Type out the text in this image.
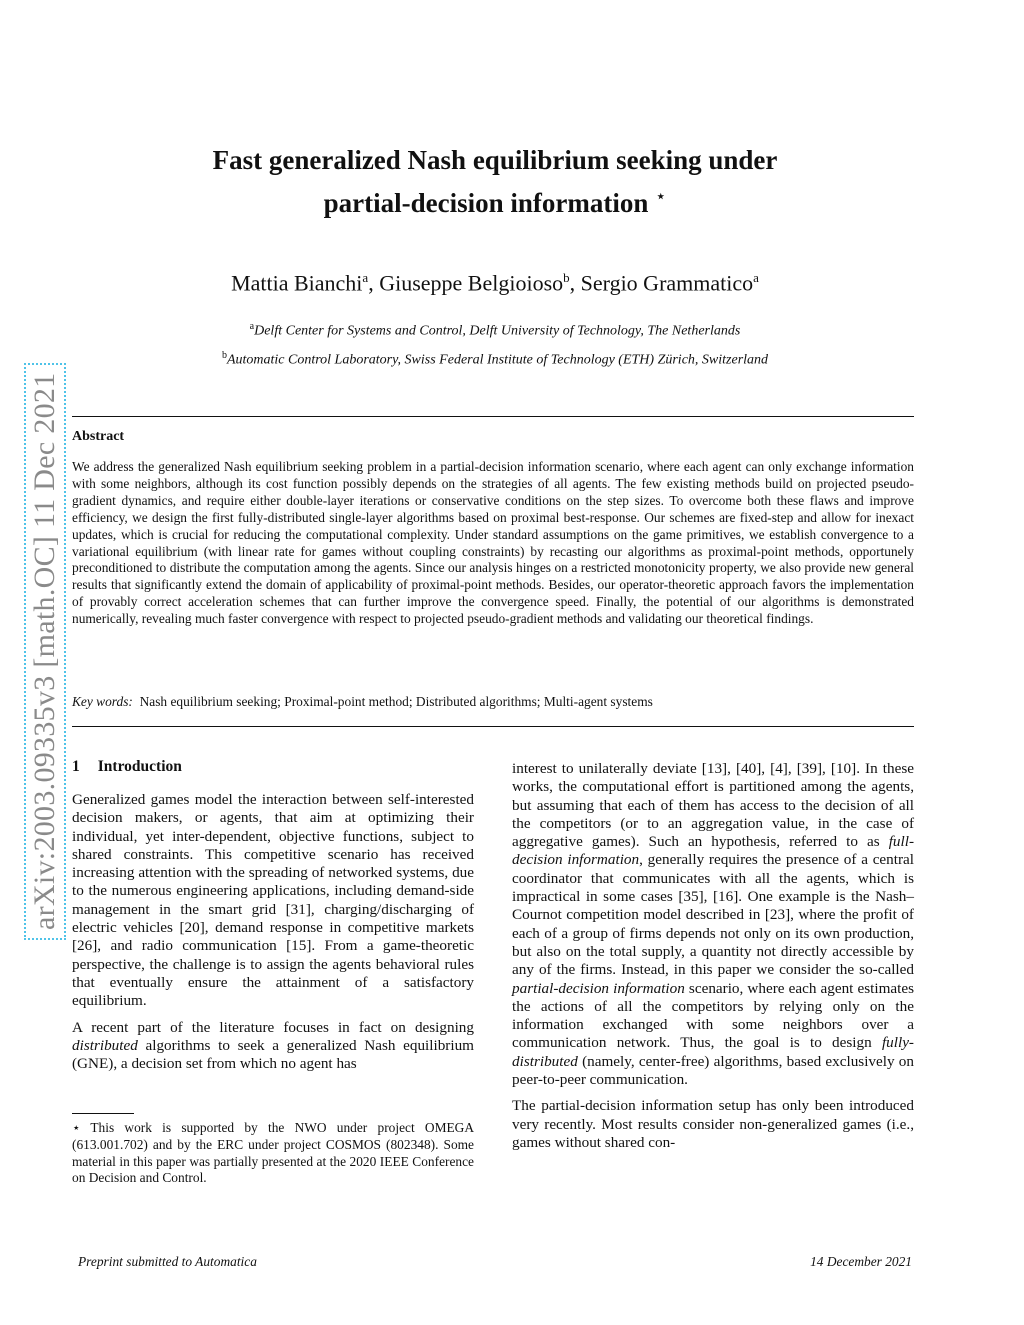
arXiv:2003.09335v3 [math.OC] 11 Dec 2021
Fast generalized Nash equilibrium seeking under
partial-decision information ⋆
Mattia Bianchi$^a$, Giuseppe Belgioioso$^b$, Sergio Grammatico$^a$
$^a$Delft Center for Systems and Control, Delft University of Technology, The Netherlands
$^b$Automatic Control Laboratory, Swiss Federal Institute of Technology (ETH) Zürich, Switzerland
Abstract

We address the generalized Nash equilibrium seeking problem in a partial-decision information scenario, where each agent can only exchange information with some neighbors, although its cost function possibly depends on the strategies of all agents. The few existing methods build on projected pseudo-gradient dynamics, and require either double-layer iterations or conservative conditions on the step sizes. To overcome both these flaws and improve efficiency, we design the first fully-distributed single-layer algorithms based on proximal best-response. Our schemes are fixed-step and allow for inexact updates, which is crucial for reducing the computational complexity. Under standard assumptions on the game primitives, we establish convergence to a variational equilibrium (with linear rate for games without coupling constraints) by recasting our algorithms as proximal-point methods, opportunely preconditioned to distribute the computation among the agents. Since our analysis hinges on a restricted monotonicity property, we also provide new general results that significantly extend the domain of applicability of proximal-point methods. Besides, our operator-theoretic approach favors the implementation of provably correct acceleration schemes that can further improve the convergence speed. Finally, the potential of our algorithms is demonstrated numerically, revealing much faster convergence with respect to projected pseudo-gradient methods and validating our theoretical findings.

Key words: Nash equilibrium seeking; Proximal-point method; Distributed algorithms; Multi-agent systems
1 Introduction

Generalized games model the interaction between self-interested decision makers, or agents, that aim at optimizing their individual, yet inter-dependent, objective functions, subject to shared constraints. This competitive scenario has received increasing attention with the spreading of networked systems, due to the numerous engineering applications, including demand-side management in the smart grid [31], charging/discharging of electric vehicles [20], demand response in competitive markets [26], and radio communication [15]. From a game-theoretic perspective, the challenge is to assign the agents behavioral rules that eventually ensure the attainment of a satisfactory equilibrium.

A recent part of the literature focuses in fact on designing distributed algorithms to seek a generalized Nash equilibrium (GNE), a decision set from which no agent has

⋆ This work is supported by the NWO under project OMEGA (613.001.702) and by the ERC under project COSMOS (802348). Some material in this paper was partially presented at the 2020 IEEE Conference on Decision and Control.

interest to unilaterally deviate [13], [40], [4], [39], [10]. In these works, the computational effort is partitioned among the agents, but assuming that each of them has access to the decision of all the competitors (or to an aggregation value, in the case of aggregative games). Such an hypothesis, referred to as full-decision information, generally requires the presence of a central coordinator that communicates with all the agents, which is impractical in some cases [35], [16]. One example is the Nash–Cournot competition model described in [23], where the profit of each of a group of firms depends not only on its own production, but also on the total supply, a quantity not directly accessible by any of the firms. Instead, in this paper we consider the so-called partial-decision information scenario, where each agent estimates the actions of all the competitors by relying only on the information exchanged with some neighbors over a communication network. Thus, the goal is to design fully-distributed (namely, center-free) algorithms, based exclusively on peer-to-peer communication.

The partial-decision information setup has only been introduced very recently. Most results consider non-generalized games (i.e., games without shared con-

Preprint submitted to Automatica	14 December 2021
